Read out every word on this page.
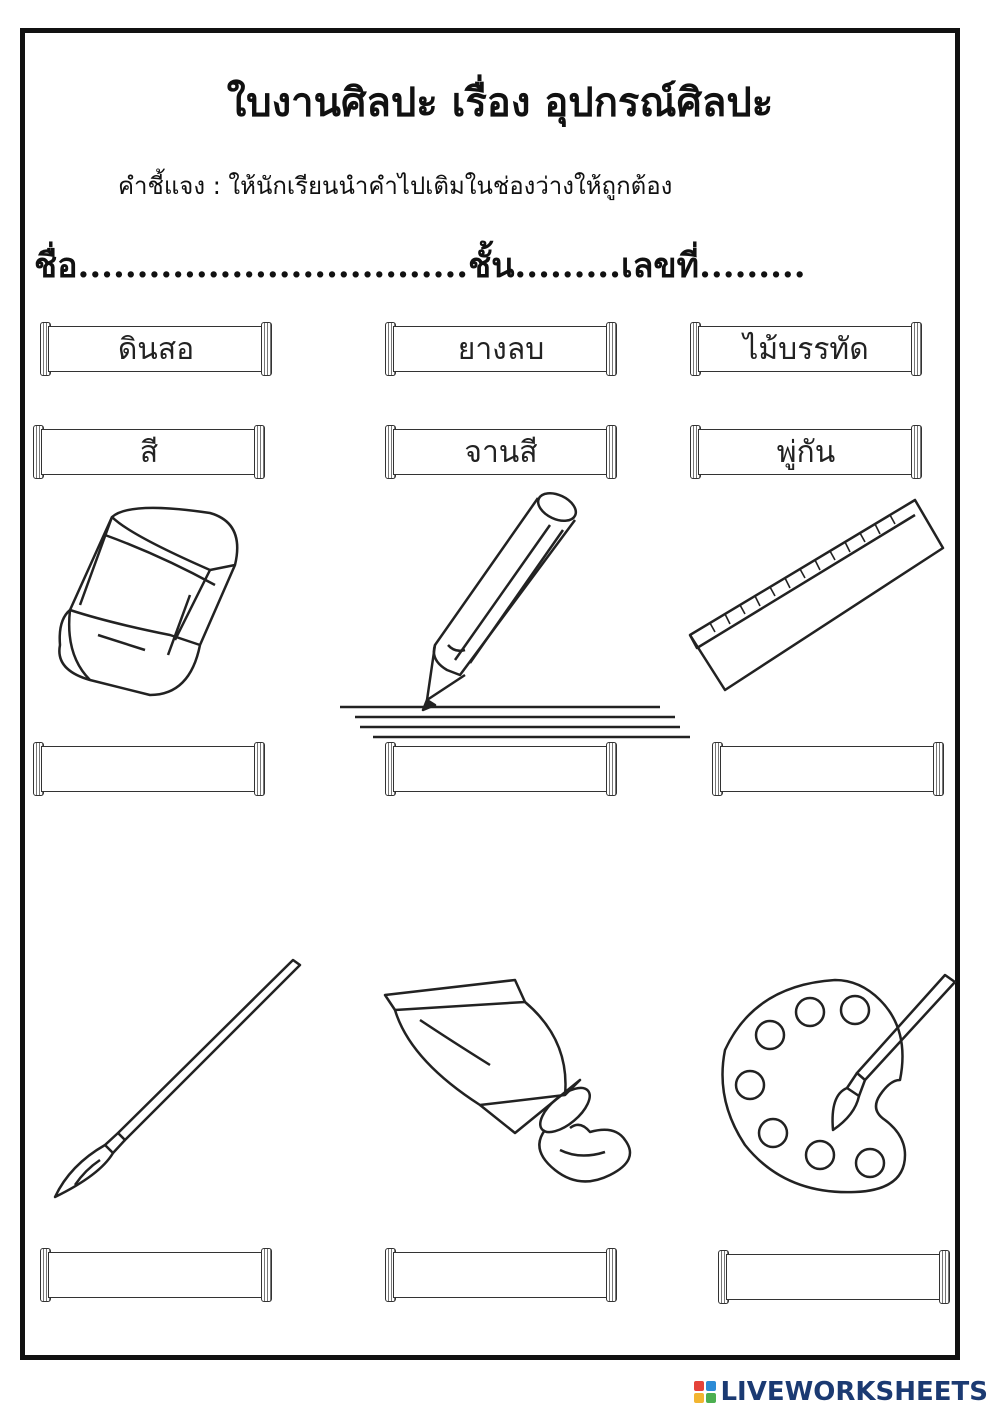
ใบงานศิลปะ เรื่อง อุปกรณ์ศิลปะ
คำชี้แจง : ให้นักเรียนนำคำไปเติมในช่องว่างให้ถูกต้อง
ชื่อ.................................ชั้น.........เลขที่.........
ดินสอ	ยางลบ	ไม้บรรทัด
สี	จานสี	พู่กัน
LIVEWORKSHEETS
